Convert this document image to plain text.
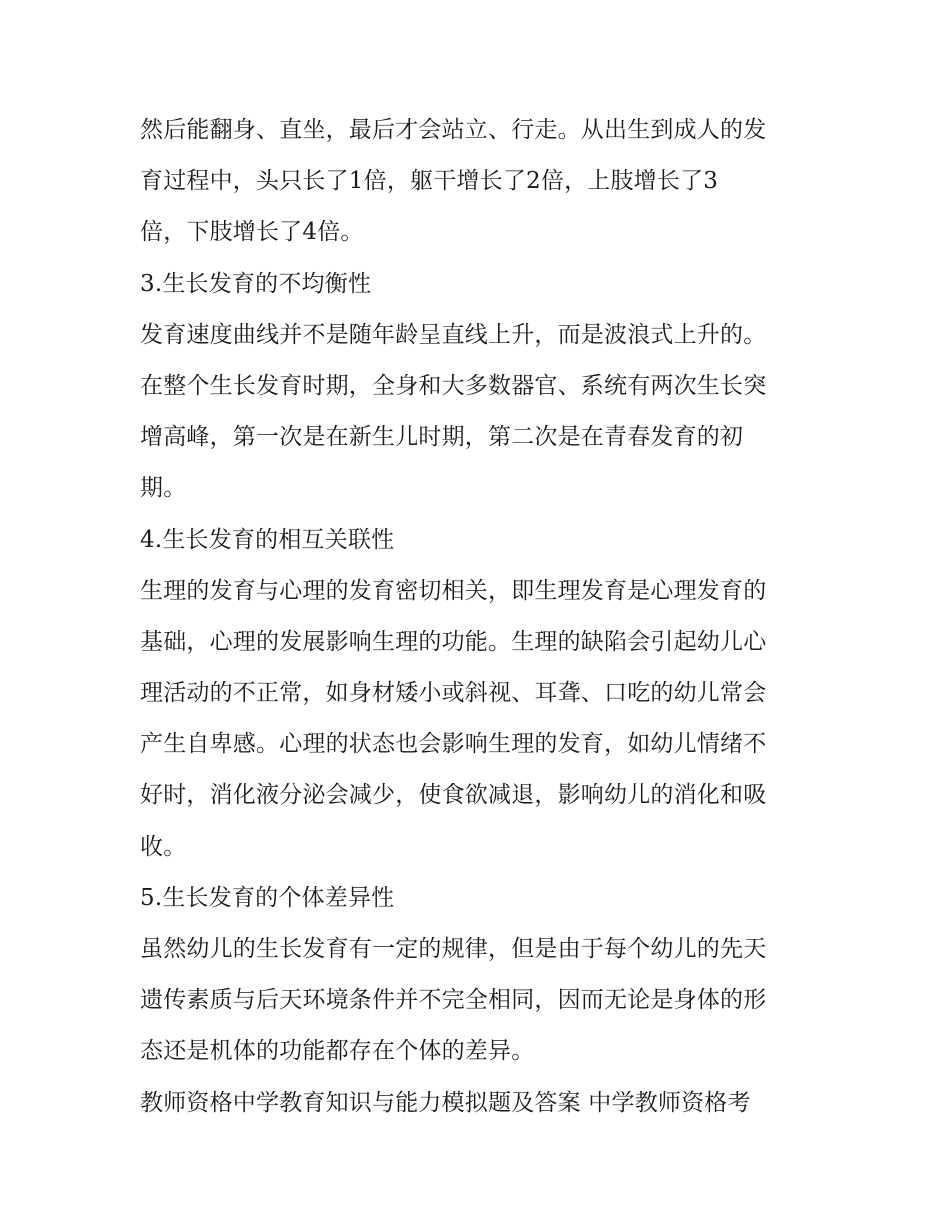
然后能翻身、直坐，最后才会站立、行走。从出生到成人的发
育过程中，头只长了1倍，躯干增长了2倍，上肢增长了3
倍，下肢增长了4倍。
3.生长发育的不均衡性
发育速度曲线并不是随年龄呈直线上升，而是波浪式上升的。
在整个生长发育时期，全身和大多数器官、系统有两次生长突
增高峰，第一次是在新生儿时期，第二次是在青春发育的初
期。
4.生长发育的相互关联性
生理的发育与心理的发育密切相关，即生理发育是心理发育的
基础，心理的发展影响生理的功能。生理的缺陷会引起幼儿心
理活动的不正常，如身材矮小或斜视、耳聋、口吃的幼儿常会
产生自卑感。心理的状态也会影响生理的发育，如幼儿情绪不
好时，消化液分泌会减少，使食欲减退，影响幼儿的消化和吸
收。
5.生长发育的个体差异性
虽然幼儿的生长发育有一定的规律，但是由于每个幼儿的先天
遗传素质与后天环境条件并不完全相同，因而无论是身体的形
态还是机体的功能都存在个体的差异。
教师资格中学教育知识与能力模拟题及答案 中学教师资格考
